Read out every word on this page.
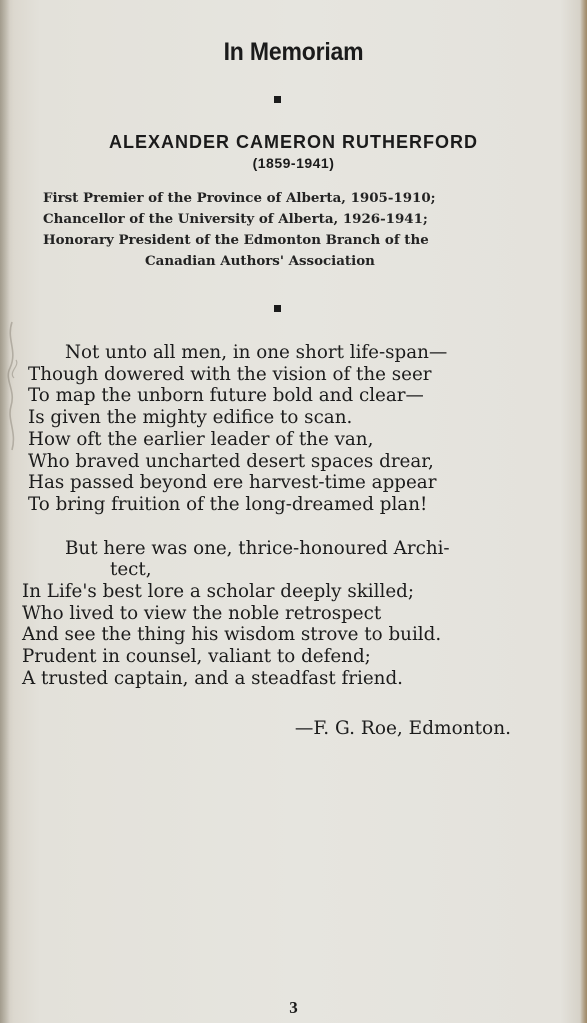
In Memoriam
ALEXANDER CAMERON RUTHERFORD
(1859-1941)
First Premier of the Province of Alberta, 1905-1910;
Chancellor of the University of Alberta, 1926-1941;
Honorary President of the Edmonton Branch of the
Canadian Authors' Association
Not unto all men, in one short life-span—
Though dowered with the vision of the seer
To map the unborn future bold and clear—
Is given the mighty edifice to scan.
How oft the earlier leader of the van,
Who braved uncharted desert spaces drear,
Has passed beyond ere harvest-time appear
To bring fruition of the long-dreamed plan!
But here was one, thrice-honoured Archi-
tect,
In Life's best lore a scholar deeply skilled;
Who lived to view the noble retrospect
And see the thing his wisdom strove to build.
Prudent in counsel, valiant to defend;
A trusted captain, and a steadfast friend.
—F. G. Roe, Edmonton.
3
